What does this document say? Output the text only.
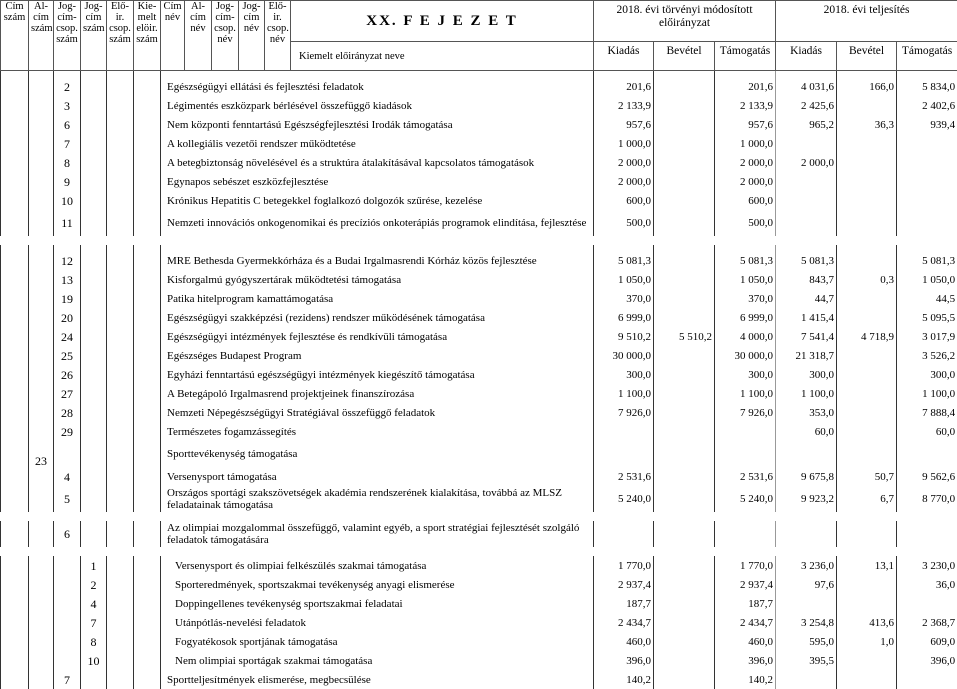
Cím szám	Al-cím szám	Jog-cím-csop. szám	Jog-cím szám	Elő-ir. csop. szám	Kie-melt elöir. szám	Cím név	Al-cím név	Jog-cím-csop. név	Jog-cím név	Elő-ir. csop. név	XX. F E J E Z E T	2018. évi törvényi módosított előirányzat			2018. évi teljesítés		
											Kiemelt előirányzat neve	Kiadás	Bevétel	Támogatás	Kiadás	Bevétel	Támogatás
		2				Egészségügyi ellátási és fejlesztési feladatok						201,6		201,6	4 031,6	166,0	5 834,0
		3				Légimentés eszközpark bérlésével összefüggő kiadások						2 133,9		2 133,9	2 425,6		2 402,6
		6				Nem központi fenntartású Egészségfejlesztési Irodák támogatása						957,6		957,6	965,2	36,3	939,4
		7				A kollegiális vezetői rendszer működtetése						1 000,0		1 000,0			
		8				A betegbiztonság növelésével és a struktúra átalakításával kapcsolatos támogatások						2 000,0		2 000,0	2 000,0		
		9				Egynapos sebészet eszközfejlesztése						2 000,0		2 000,0			
		10				Krónikus Hepatitis C betegekkel foglalkozó dolgozók szűrése, kezelése						600,0		600,0			
		11				Nemzeti innovációs onkogenomikai és precíziós onkoterápiás programok elindítása, fejlesztése						500,0		500,0			

		12				MRE Bethesda Gyermekkórháza és a Budai Irgalmasrendi Kórház közös fejlesztése						5 081,3		5 081,3	5 081,3		5 081,3
		13				Kisforgalmú gyógyszertárak működtetési támogatása						1 050,0		1 050,0	843,7	0,3	1 050,0
		19				Patika hitelprogram kamattámogatása						370,0		370,0	44,7		44,5
		20				Egészségügyi szakképzési (rezidens) rendszer működésének támogatása						6 999,0		6 999,0	1 415,4		5 095,5
		24				Egészségügyi intézmények fejlesztése és rendkívüli támogatása						9 510,2	5 510,2	4 000,0	7 541,4	4 718,9	3 017,9
		25				Egészséges Budapest Program						30 000,0		30 000,0	21 318,7		3 526,2
		26				Egyházi fenntartású egészségügyi intézmények kiegészítő támogatása						300,0		300,0	300,0		300,0
		27				A Betegápoló Irgalmasrend projektjeinek finanszírozása						1 100,0		1 100,0	1 100,0		1 100,0
		28				Nemzeti Népegészségügyi Stratégiával összefüggő feladatok						7 926,0		7 926,0	353,0		7 888,4
		29				Természetes fogamzássegítés									60,0		60,0
	23					Sporttevékenység támogatása											
		4				Versenysport támogatása						2 531,6		2 531,6	9 675,8	50,7	9 562,6
		5				Országos sportági szakszövetségek akadémia rendszerének kialakítása, továbbá az MLSZ feladatainak támogatása						5 240,0		5 240,0	9 923,2	6,7	8 770,0

		6				Az olimpiai mozgalommal összefüggő, valamint egyéb, a sport stratégiai fejlesztését szolgáló feladatok támogatására											

			1			Versenysport és olimpiai felkészülés szakmai támogatása						1 770,0		1 770,0	3 236,0	13,1	3 230,0
			2			Sporteredmények, sportszakmai tevékenység anyagi elismerése						2 937,4		2 937,4	97,6		36,0
			4			Doppingellenes tevékenység sportszakmai feladatai						187,7		187,7			
			7			Utánpótlás-nevelési feladatok						2 434,7		2 434,7	3 254,8	413,6	2 368,7
			8			Fogyatékosok sportjának támogatása						460,0		460,0	595,0	1,0	609,0
			10			Nem olimpiai sportágak szakmai támogatása						396,0		396,0	395,5		396,0
		7				Sportteljesítmények elismerése, megbecsülése						140,2		140,2			
